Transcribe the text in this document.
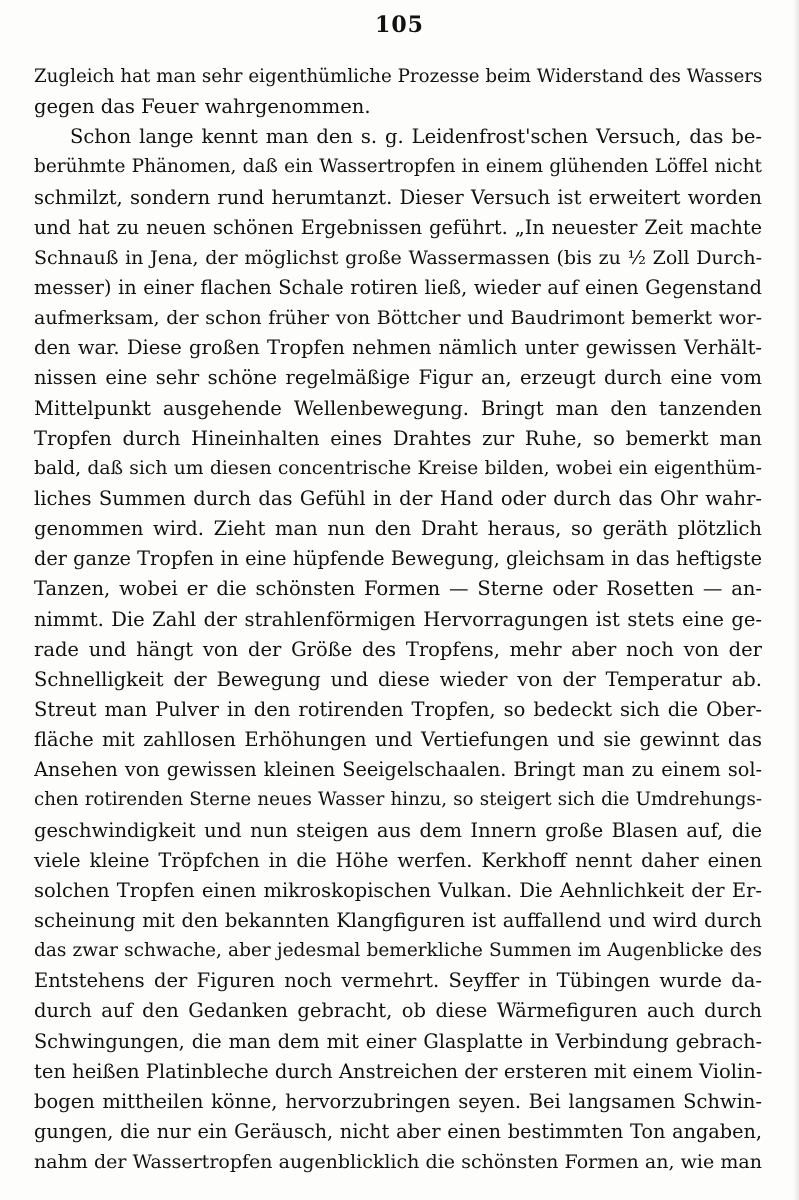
105
Zugleich hat man sehr eigenthümliche Prozesse beim Widerstand des Wassers
gegen das Feuer wahrgenommen.
Schon lange kennt man den s. g. Leidenfrost'schen Versuch, das be-
berühmte Phänomen, daß ein Wassertropfen in einem glühenden Löffel nicht
schmilzt, sondern rund herumtanzt. Dieser Versuch ist erweitert worden
und hat zu neuen schönen Ergebnissen geführt. „In neuester Zeit machte
Schnauß in Jena, der möglichst große Wassermassen (bis zu ½ Zoll Durch-
messer) in einer flachen Schale rotiren ließ, wieder auf einen Gegenstand
aufmerksam, der schon früher von Böttcher und Baudrimont bemerkt wor-
den war. Diese großen Tropfen nehmen nämlich unter gewissen Verhält-
nissen eine sehr schöne regelmäßige Figur an, erzeugt durch eine vom
Mittelpunkt ausgehende Wellenbewegung. Bringt man den tanzenden
Tropfen durch Hineinhalten eines Drahtes zur Ruhe, so bemerkt man
bald, daß sich um diesen concentrische Kreise bilden, wobei ein eigenthüm-
liches Summen durch das Gefühl in der Hand oder durch das Ohr wahr-
genommen wird. Zieht man nun den Draht heraus, so geräth plötzlich
der ganze Tropfen in eine hüpfende Bewegung, gleichsam in das heftigste
Tanzen, wobei er die schönsten Formen — Sterne oder Rosetten — an-
nimmt. Die Zahl der strahlenförmigen Hervorragungen ist stets eine ge-
rade und hängt von der Größe des Tropfens, mehr aber noch von der
Schnelligkeit der Bewegung und diese wieder von der Temperatur ab.
Streut man Pulver in den rotirenden Tropfen, so bedeckt sich die Ober-
fläche mit zahllosen Erhöhungen und Vertiefungen und sie gewinnt das
Ansehen von gewissen kleinen Seeigelschaalen. Bringt man zu einem sol-
chen rotirenden Sterne neues Wasser hinzu, so steigert sich die Umdrehungs-
geschwindigkeit und nun steigen aus dem Innern große Blasen auf, die
viele kleine Tröpfchen in die Höhe werfen. Kerkhoff nennt daher einen
solchen Tropfen einen mikroskopischen Vulkan. Die Aehnlichkeit der Er-
scheinung mit den bekannten Klangfiguren ist auffallend und wird durch
das zwar schwache, aber jedesmal bemerkliche Summen im Augenblicke des
Entstehens der Figuren noch vermehrt. Seyffer in Tübingen wurde da-
durch auf den Gedanken gebracht, ob diese Wärmefiguren auch durch
Schwingungen, die man dem mit einer Glasplatte in Verbindung gebrach-
ten heißen Platinbleche durch Anstreichen der ersteren mit einem Violin-
bogen mittheilen könne, hervorzubringen seyen. Bei langsamen Schwin-
gungen, die nur ein Geräusch, nicht aber einen bestimmten Ton angaben,
nahm der Wassertropfen augenblicklich die schönsten Formen an, wie man
